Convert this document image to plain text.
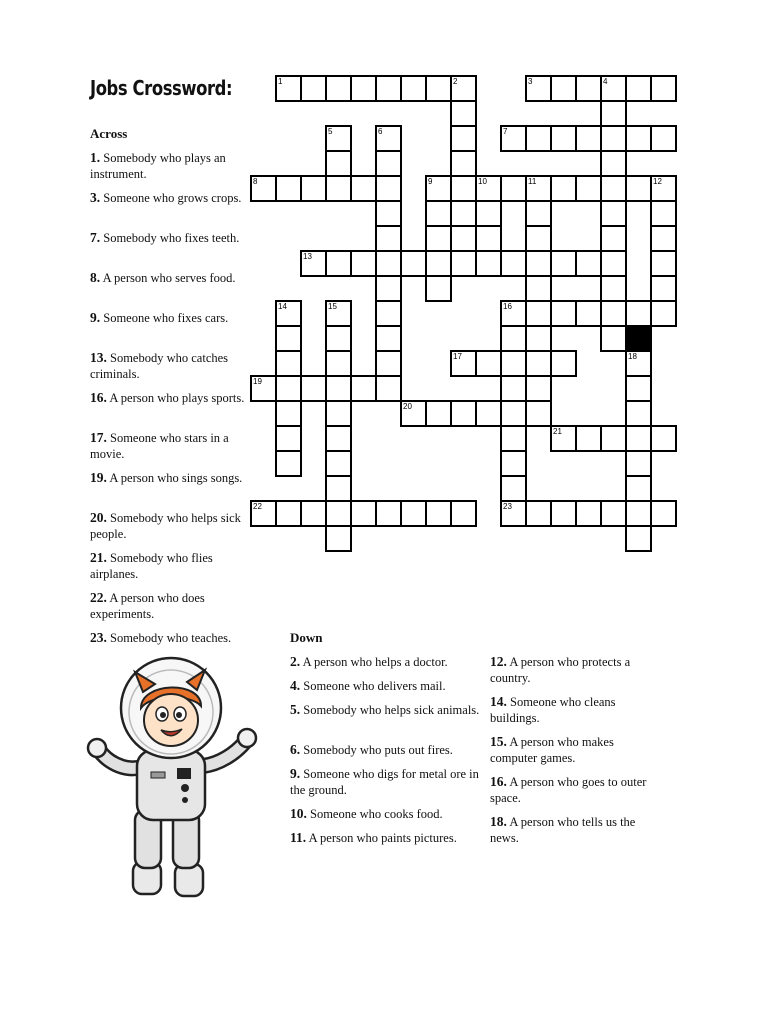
Jobs Crossword:	1	3
7
8	9
13
16
17
19
20
21
22	23
2	4
5	6
10	11	12
14	15
18
Across

1. Somebody who plays an instrument.

3. Someone who grows crops.

7. Somebody who fixes teeth.

8. A person who serves food.

9. Someone who fixes cars.

13. Somebody who catches criminals.

16. A person who plays sports.

17. Someone who stars in a movie.

19. A person who sings songs.

20. Somebody who helps sick people.

21. Somebody who flies airplanes.

22. A person who does experiments.

23. Somebody who teaches.	Down

2. A person who helps a doctor.

4. Someone who delivers mail.

5. Somebody who helps sick animals.

6. Somebody who puts out fires.

9. Someone who digs for metal ore in the ground.

10. Someone who cooks food.

11. A person who paints pictures.

12. A person who protects a country.

14. Someone who cleans buildings.

15. A person who makes computer games.

16. A person who goes to outer space.

18. A person who tells us the news.
